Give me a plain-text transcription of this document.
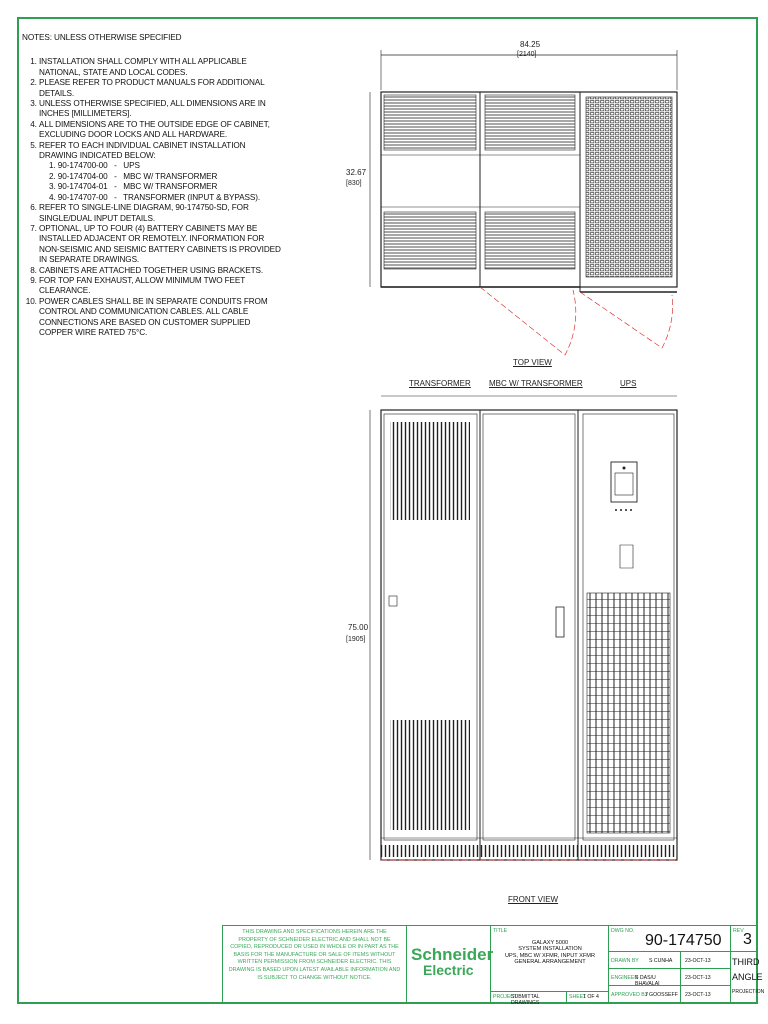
NOTES: UNLESS OTHERWISE SPECIFIED
1. INSTALLATION SHALL COMPLY WITH ALL APPLICABLE NATIONAL, STATE AND LOCAL CODES.
2. PLEASE REFER TO PRODUCT MANUALS FOR ADDITIONAL DETAILS.
3. UNLESS OTHERWISE SPECIFIED, ALL DIMENSIONS ARE IN INCHES [MILLIMETERS].
4. ALL DIMENSIONS ARE TO THE OUTSIDE EDGE OF CABINET, EXCLUDING DOOR LOCKS AND ALL HARDWARE.
5. REFER TO EACH INDIVIDUAL CABINET INSTALLATION DRAWING INDICATED BELOW:
1. 90-174700-00   -   UPS
2. 90-174704-00   -   MBC W/ TRANSFORMER
3. 90-174704-01   -   MBC W/ TRANSFORMER
4. 90-174707-00   -   TRANSFORMER (INPUT & BYPASS).
6. REFER TO SINGLE-LINE DIAGRAM, 90-174750-SD, FOR SINGLE/DUAL INPUT DETAILS.
7. OPTIONAL, UP TO FOUR (4) BATTERY CABINETS MAY BE INSTALLED ADJACENT OR REMOTELY. INFORMATION FOR NON-SEISMIC AND SEISMIC BATTERY CABINETS IS PROVIDED IN SEPARATE DRAWINGS.
8. CABINETS ARE ATTACHED TOGETHER USING BRACKETS.
9. FOR TOP FAN EXHAUST, ALLOW MINIMUM TWO FEET CLEARANCE.
10. POWER CABLES SHALL BE IN SEPARATE CONDUITS FROM CONTROL AND COMMUNICATION CABLES. ALL CABLE CONNECTIONS ARE BASED ON CUSTOMER SUPPLIED COPPER WIRE RATED 75°C.
84.25
[2140]
32.67
[830]
TOP VIEW
TRANSFORMER MBC W/ TRANSFORMER	UPS
75.00
[1905]
FRONT VIEW
THIS DRAWING AND SPECIFICATIONS HEREIN ARE THE PROPERTY OF SCHNEIDER ELECTRIC AND SHALL NOT BE COPIED, REPRODUCED OR USED IN WHOLE OR IN PART AS THE BASIS FOR THE MANUFACTURE OR SALE OF ITEMS WITHOUT WRITTEN PERMISSION FROM SCHNEIDER ELECTRIC. THIS DRAWING IS BASED UPON LATEST AVAILABLE INFORMATION AND IS SUBJECT TO CHANGE WITHOUT NOTICE.
Schneider
Electric
TITLE
GALAXY 5000
SYSTEM INSTALLATION
UPS, MBC W/ XFMR, INPUT XFMR
GENERAL ARRANGEMENT
PROJECT
SUBMITTAL DRAWINGS
SHEET
1 OF 4
DWG NO.
90-174750
REV 3
DRAWN BY S CUNHA 23-OCT-13
ENGINEER
S DAS/U BHAVALAI
23-OCT-13
APPROVED BY
J GOOSSEFF 23-OCT-13
THIRD
ANGLE
PROJECTION
